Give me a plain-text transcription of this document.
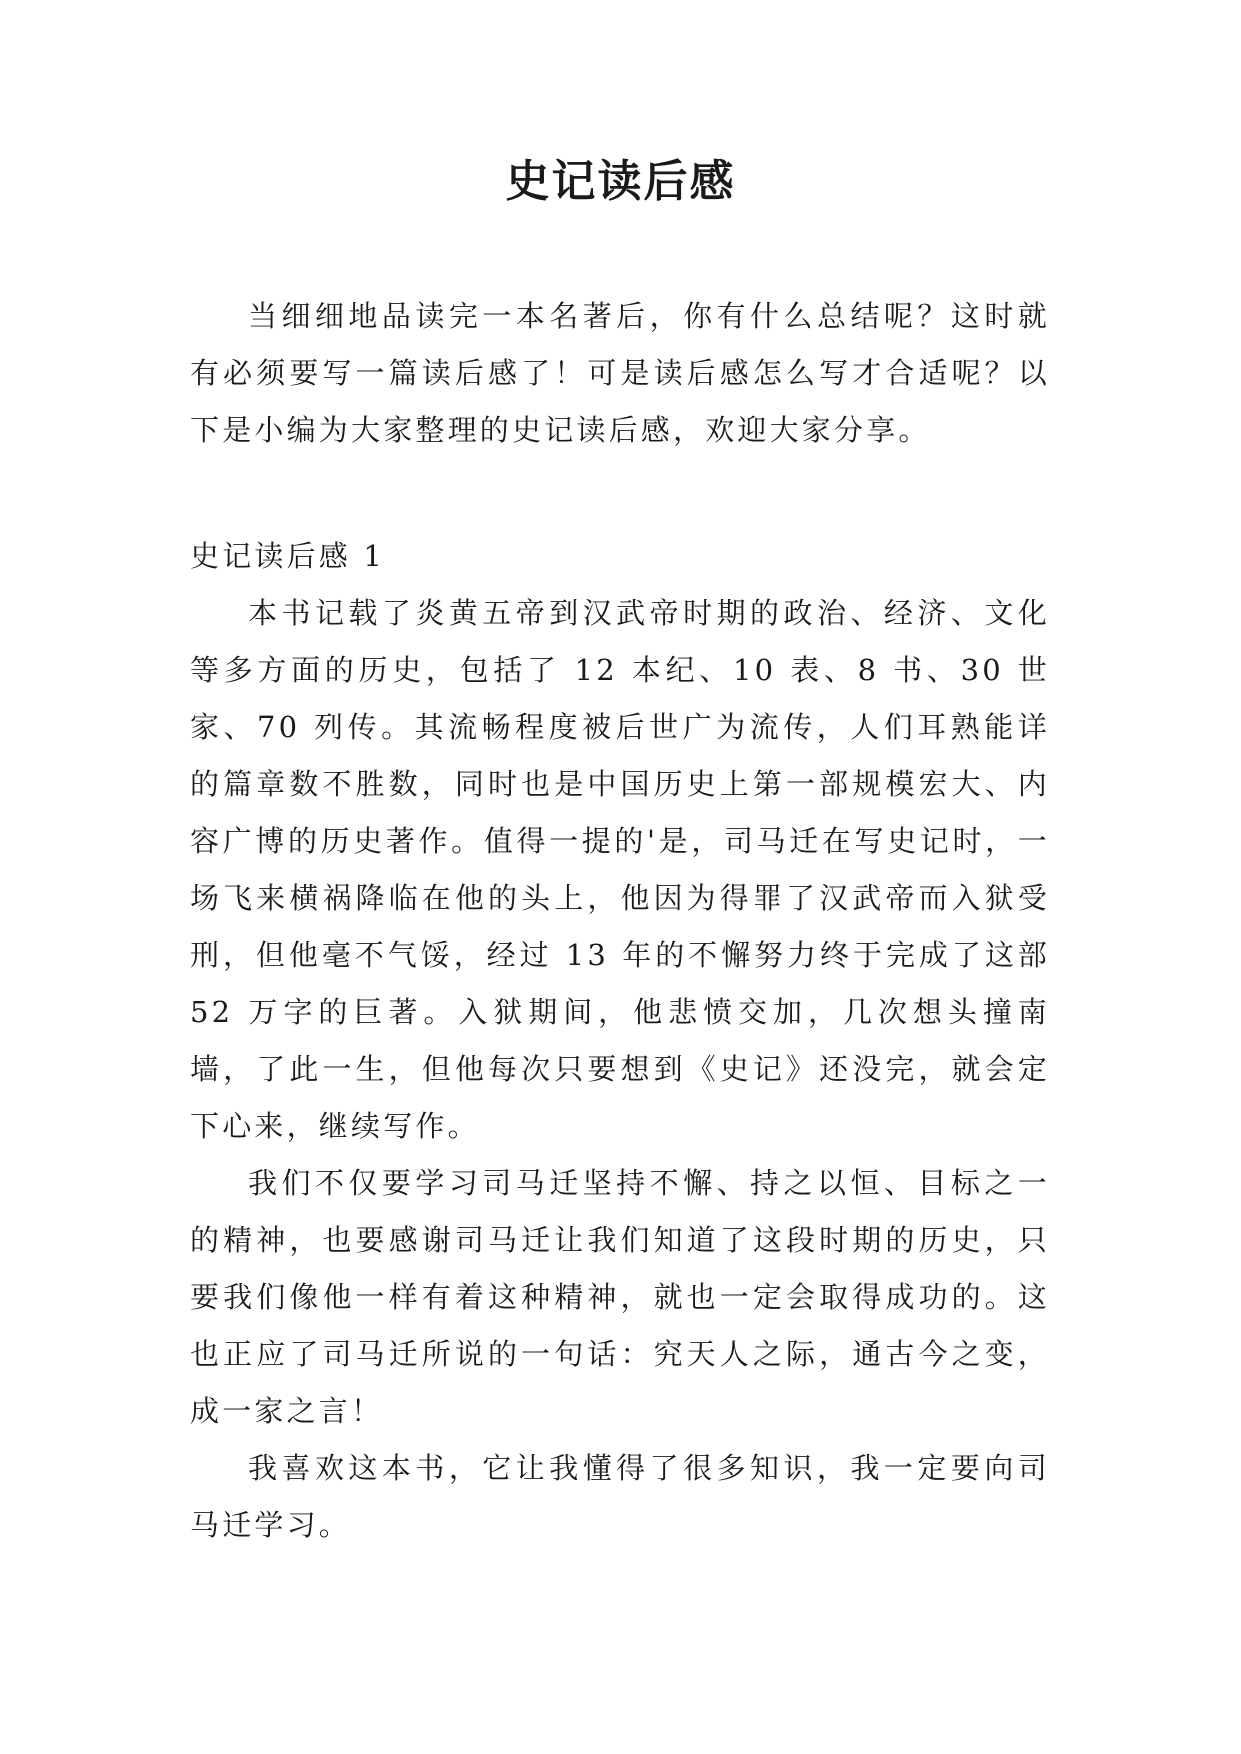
史记读后感

当细细地品读完一本名著后，你有什么总结呢？这时就有必须要写一篇读后感了！可是读后感怎么写才合适呢？以下是小编为大家整理的史记读后感，欢迎大家分享。

史记读后感 1

本书记载了炎黄五帝到汉武帝时期的政治、经济、文化等多方面的历史，包括了 12 本纪、10 表、8 书、30 世家、70 列传。其流畅程度被后世广为流传，人们耳熟能详的篇章数不胜数，同时也是中国历史上第一部规模宏大、内容广博的历史著作。值得一提的'是，司马迁在写史记时，一场飞来横祸降临在他的头上，他因为得罪了汉武帝而入狱受刑，但他毫不气馁，经过 13 年的不懈努力终于完成了这部 52 万字的巨著。入狱期间，他悲愤交加，几次想头撞南墙，了此一生，但他每次只要想到《史记》还没完，就会定下心来，继续写作。

我们不仅要学习司马迁坚持不懈、持之以恒、目标之一的精神，也要感谢司马迁让我们知道了这段时期的历史，只要我们像他一样有着这种精神，就也一定会取得成功的。这也正应了司马迁所说的一句话：究天人之际，通古今之变，成一家之言！

我喜欢这本书，它让我懂得了很多知识，我一定要向司马迁学习。
